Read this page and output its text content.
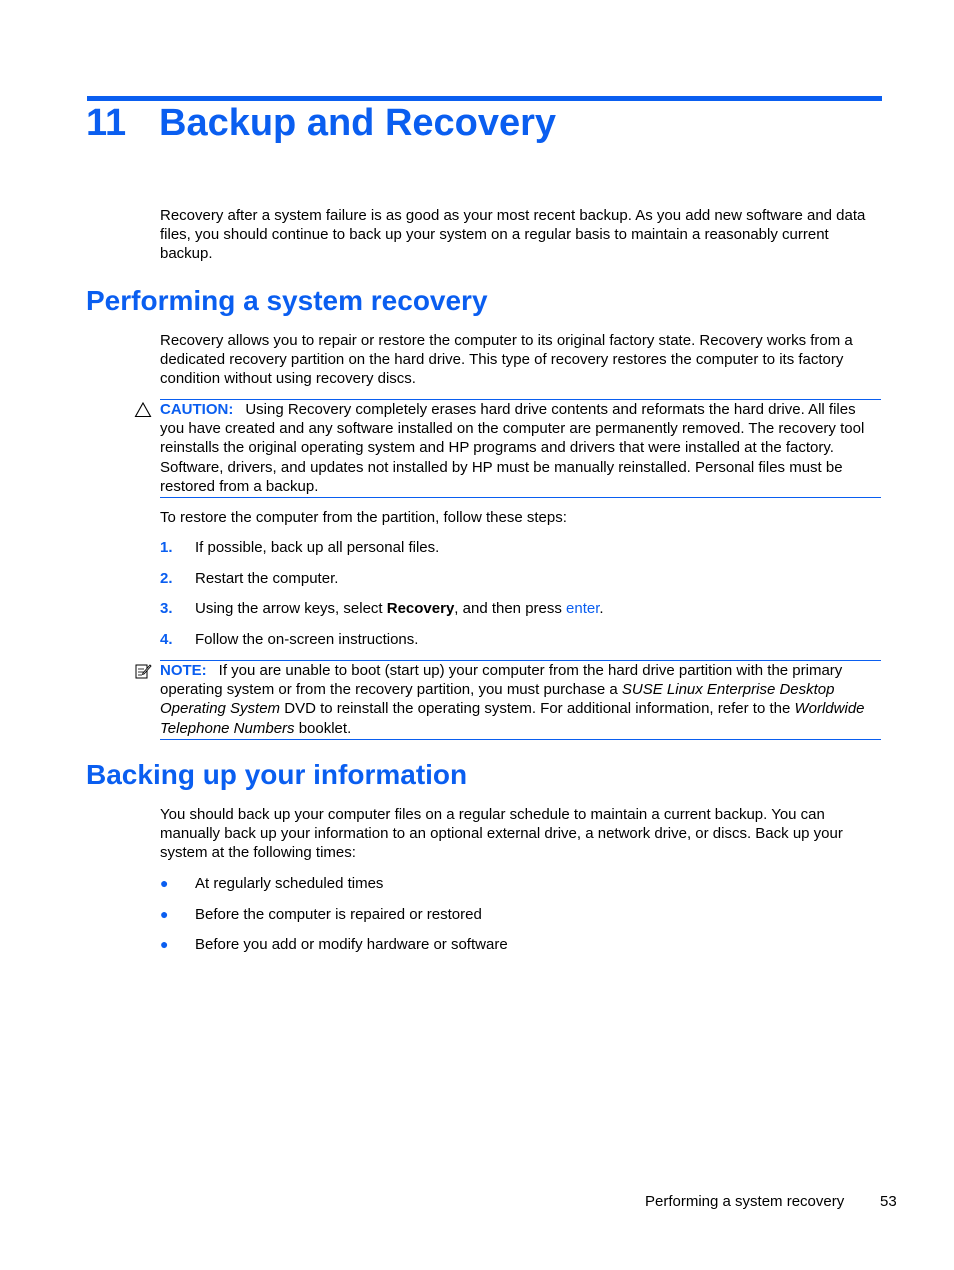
11 Backup and Recovery
Recovery after a system failure is as good as your most recent backup. As you add new software and data files, you should continue to back up your system on a regular basis to maintain a reasonably current backup.
Performing a system recovery
Recovery allows you to repair or restore the computer to its original factory state. Recovery works from a dedicated recovery partition on the hard drive. This type of recovery restores the computer to its factory condition without using recovery discs.
CAUTION: Using Recovery completely erases hard drive contents and reformats the hard drive. All files you have created and any software installed on the computer are permanently removed. The recovery tool reinstalls the original operating system and HP programs and drivers that were installed at the factory. Software, drivers, and updates not installed by HP must be manually reinstalled. Personal files must be restored from a backup.
To restore the computer from the partition, follow these steps:
1. If possible, back up all personal files.
2. Restart the computer.
3. Using the arrow keys, select Recovery, and then press enter.
4. Follow the on-screen instructions.
NOTE: If you are unable to boot (start up) your computer from the hard drive partition with the primary operating system or from the recovery partition, you must purchase a SUSE Linux Enterprise Desktop Operating System DVD to reinstall the operating system. For additional information, refer to the Worldwide Telephone Numbers booklet.
Backing up your information
You should back up your computer files on a regular schedule to maintain a current backup. You can manually back up your information to an optional external drive, a network drive, or discs. Back up your system at the following times:
● At regularly scheduled times
● Before the computer is repaired or restored
● Before you add or modify hardware or software
Performing a system recovery 53
